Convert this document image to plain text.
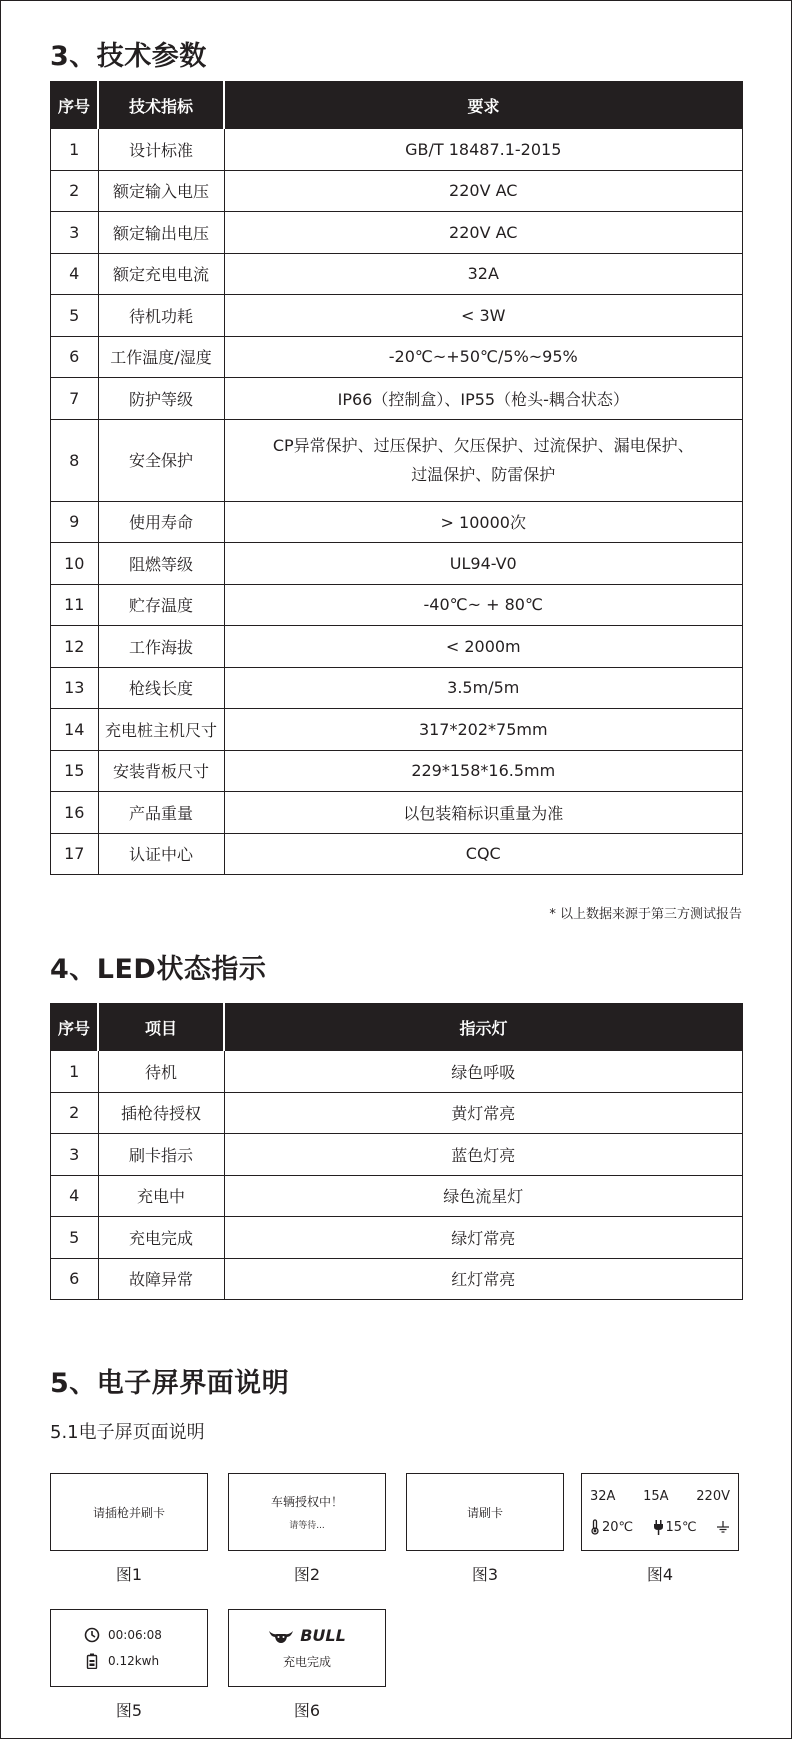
3、技术参数
序号	技术指标	要求
1	设计标准	GB/T 18487.1-2015
2	额定输入电压	220V AC
3	额定输出电压	220V AC
4	额定充电电流	32A
5	待机功耗	< 3W
6	工作温度/湿度	-20℃~+50℃/5%~95%
7	防护等级	IP66（控制盒）、IP55（枪头-耦合状态）
8	安全保护	CP异常保护、过压保护、欠压保护、过流保护、漏电保护、
过温保护、防雷保护

9	使用寿命	> 10000次
10	阻燃等级	UL94-V0
11	贮存温度	-40℃~ + 80℃
12	工作海拔	< 2000m
13	枪线长度	3.5m/5m
14	充电桩主机尺寸	317*202*75mm
15	安装背板尺寸	229*158*16.5mm
16	产品重量	以包装箱标识重量为准
17	认证中心	CQC
* 以上数据来源于第三方测试报告
4、LED状态指示
序号	项目	指示灯
1	待机	绿色呼吸
2	插枪待授权	黄灯常亮
3	刷卡指示	蓝色灯亮
4	充电中	绿色流星灯
5	充电完成	绿灯常亮
6	故障异常	红灯常亮
5、电子屏界面说明
5.1电子屏页面说明
请插枪并刷卡
图1
车辆授权中！
请等待...
图2
请刷卡
图3
32A 15A 220V
20℃ 15℃
图4
00:06:08
0.12kwh
图5
BULL
充电完成
图6
